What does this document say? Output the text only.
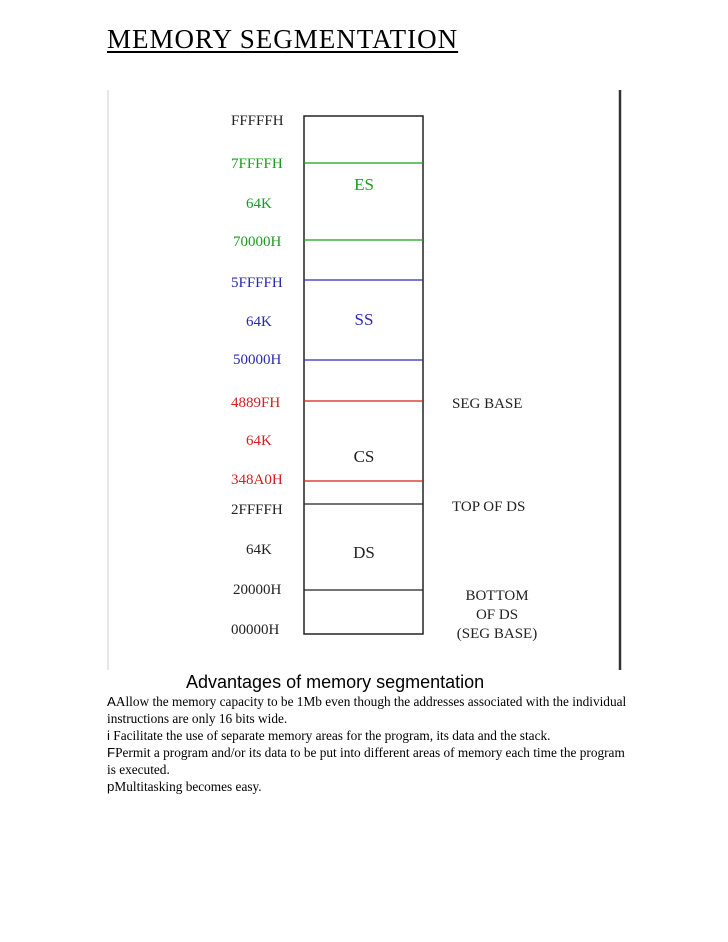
MEMORY SEGMENTATION
FFFFFH
7FFFFH
64K
70000H
5FFFFH
64K
50000H
4889FH
64K
348A0H
2FFFFH
64K
20000H
00000H
ES
SS
CS
DS
SEG BASE
TOP OF DS
BOTTOM
OF DS
(SEG BASE)
Advantages of memory segmentation

AAllow the memory capacity to be 1Mb even though the addresses associated with the individual instructions are only 16 bits wide.

i Facilitate the use of separate memory areas for the program, its data and the stack.

FPermit a program and/or its data to be put into different areas of memory each time the program is executed.

pMultitasking becomes easy.
